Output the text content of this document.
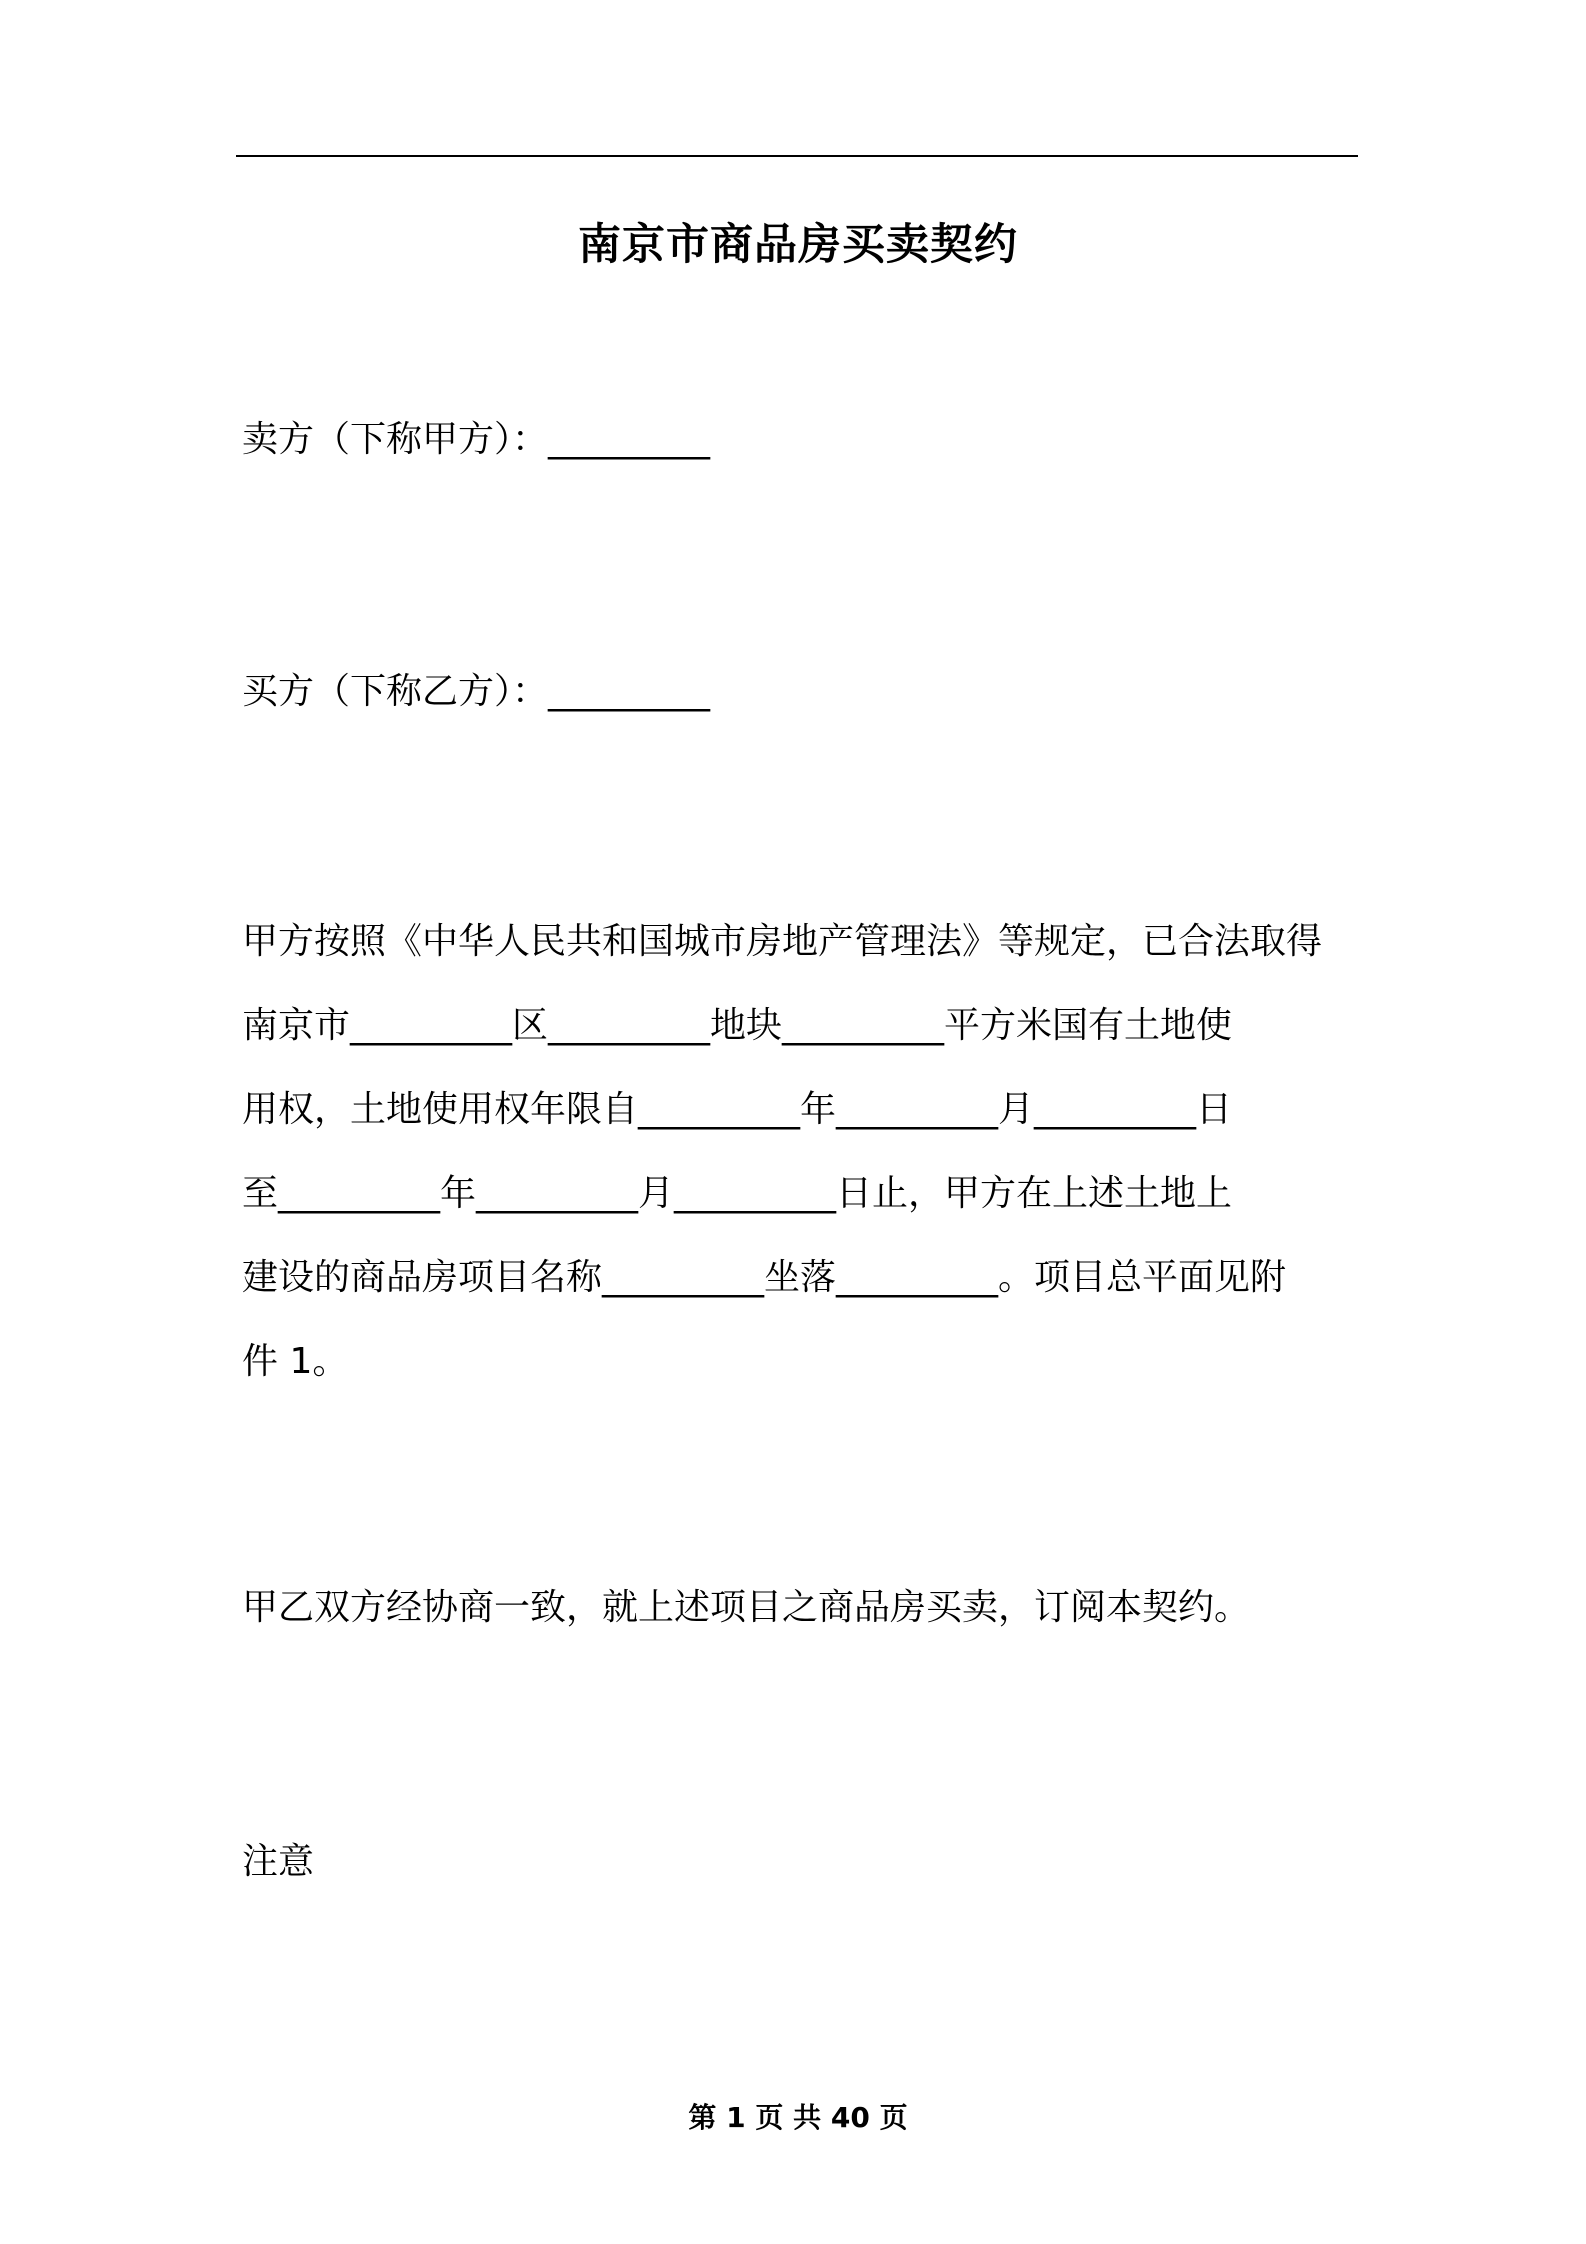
南京市商品房买卖契约

卖方（下称甲方）：_________

买方（下称乙方）：_________

甲方按照《中华人民共和国城市房地产管理法》等规定，已合法取得
南京市_________区_________地块_________平方米国有土地使
用权，土地使用权年限自_________年_________月_________日
至_________年_________月_________日止，甲方在上述土地上
建设的商品房项目名称_________坐落_________。项目总平面见附
件 1。

甲乙双方经协商一致，就上述项目之商品房买卖，订阅本契约。

注意

第 1 页 共 40 页
